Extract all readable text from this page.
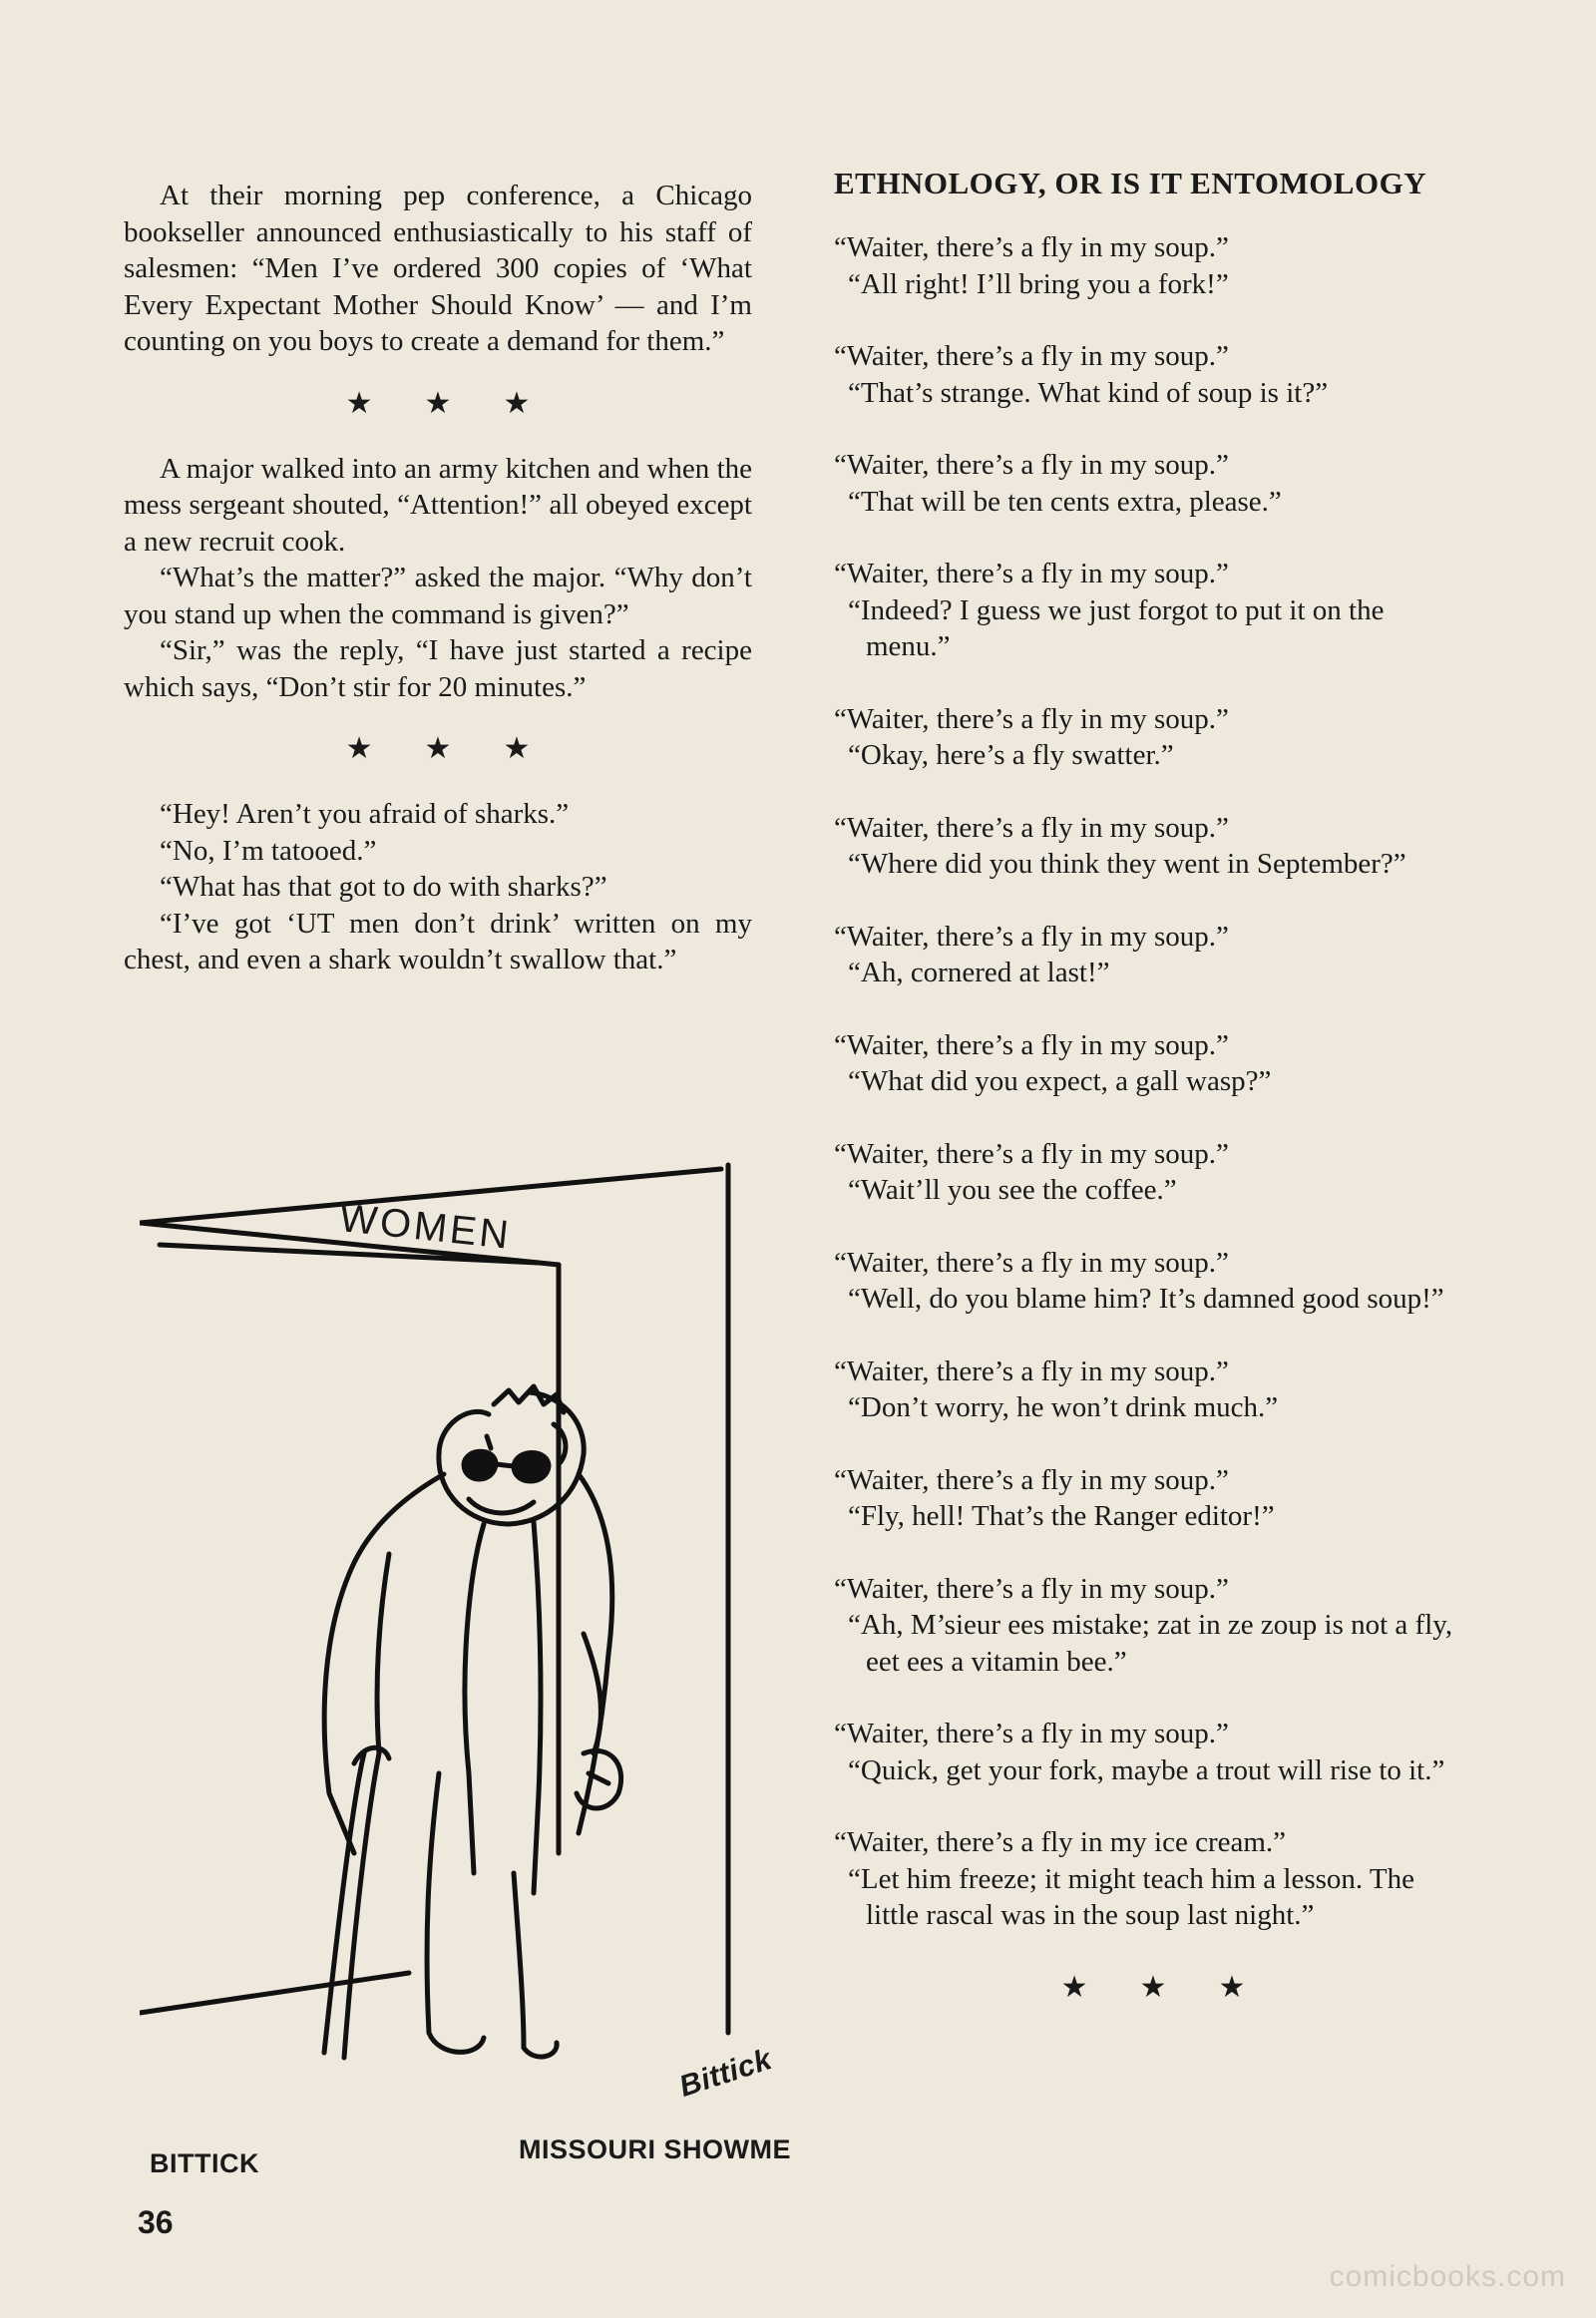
At their morning pep conference, a Chicago bookseller announced enthusiastically to his staff of salesmen: “Men I’ve ordered 300 copies of ‘What Every Expectant Mother Should Know’ — and I’m counting on you boys to create a demand for them.”

★★★

A major walked into an army kitchen and when the mess sergeant shouted, “Attention!” all obeyed except a new recruit cook.

“What’s the matter?” asked the major. “Why don’t you stand up when the command is given?”

“Sir,” was the reply, “I have just started a recipe which says, “Don’t stir for 20 minutes.”

★★★

“Hey! Aren’t you afraid of sharks.”

“No, I’m tatooed.”

“What has that got to do with sharks?”

“I’ve got ‘UT men don’t drink’ written on my chest, and even a shark wouldn’t swallow that.”

WOMEN
Bittick
BITTICK	MISSOURI SHOWME
ETHNOLOGY, OR IS IT ENTOMOLOGY

“Waiter, there’s a fly in my soup.”

“All right! I’ll bring you a fork!”

“Waiter, there’s a fly in my soup.”

“That’s strange. What kind of soup is it?”

“Waiter, there’s a fly in my soup.”

“That will be ten cents extra, please.”

“Waiter, there’s a fly in my soup.”

“Indeed? I guess we just forgot to put it on the menu.”

“Waiter, there’s a fly in my soup.”

“Okay, here’s a fly swatter.”

“Waiter, there’s a fly in my soup.”

“Where did you think they went in September?”

“Waiter, there’s a fly in my soup.”

“Ah, cornered at last!”

“Waiter, there’s a fly in my soup.”

“What did you expect, a gall wasp?”

“Waiter, there’s a fly in my soup.”

“Wait’ll you see the coffee.”

“Waiter, there’s a fly in my soup.”

“Well, do you blame him? It’s damned good soup!”

“Waiter, there’s a fly in my soup.”

“Don’t worry, he won’t drink much.”

“Waiter, there’s a fly in my soup.”

“Fly, hell! That’s the Ranger editor!”

“Waiter, there’s a fly in my soup.”

“Ah, M’sieur ees mistake; zat in ze zoup is not a fly, eet ees a vitamin bee.”

“Waiter, there’s a fly in my soup.”

“Quick, get your fork, maybe a trout will rise to it.”

“Waiter, there’s a fly in my ice cream.”

“Let him freeze; it might teach him a lesson. The little rascal was in the soup last night.”

★★★
36
comicbooks.com
